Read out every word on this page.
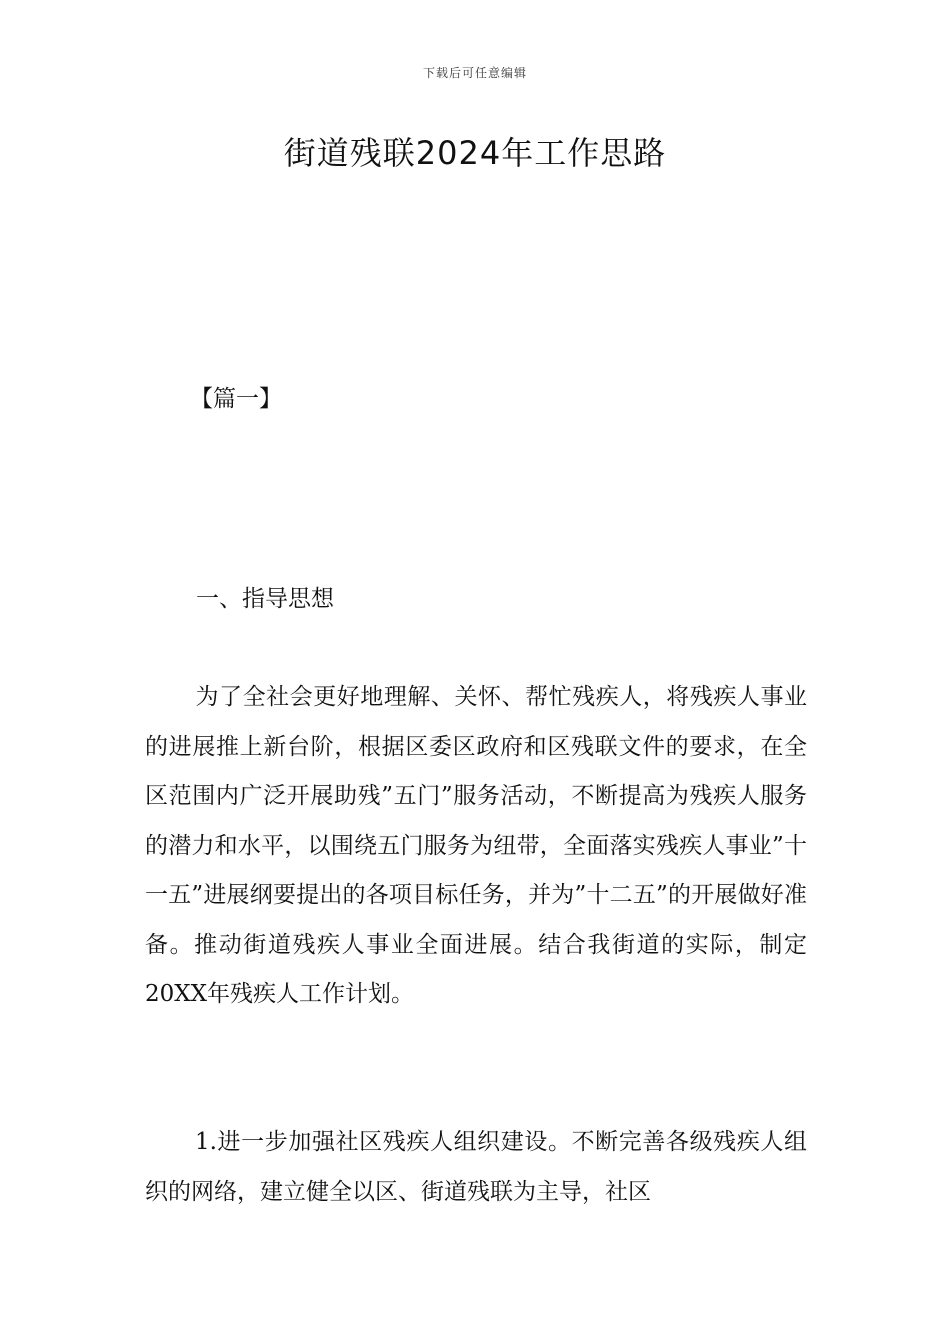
下载后可任意编辑
街道残联2024年工作思路

【篇一】

一、指导思想

为了全社会更好地理解、关怀、帮忙残疾人，将残疾人事业的进展推上新台阶，根据区委区政府和区残联文件的要求，在全区范围内广泛开展助残”五门”服务活动，不断提高为残疾人服务的潜力和水平，以围绕五门服务为纽带，全面落实残疾人事业”十一五”进展纲要提出的各项目标任务，并为”十二五”的开展做好准备。推动街道残疾人事业全面进展。结合我街道的实际，制定20XX年残疾人工作计划。

1.进一步加强社区残疾人组织建设。不断完善各级残疾人组织的网络，建立健全以区、街道残联为主导，社区
